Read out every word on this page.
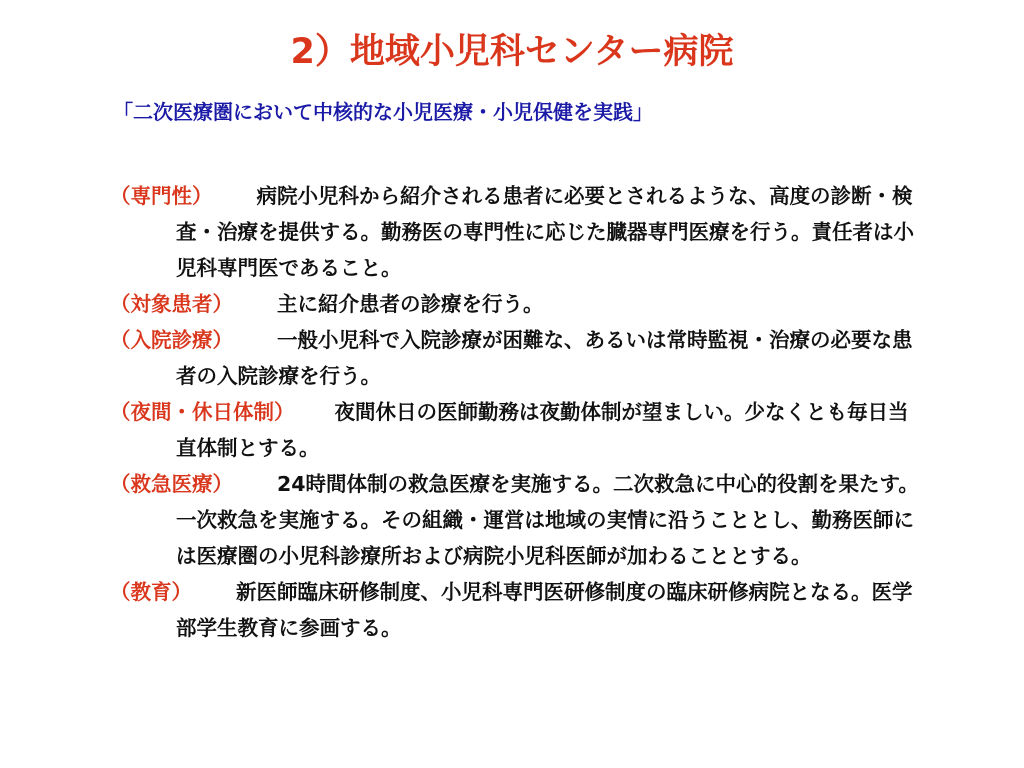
2）地域小児科センター病院
「二次医療圏において中核的な小児医療・小児保健を実践」
（専門性） 病院小児科から紹介される患者に必要とされるような、高度の診断・検査・治療を提供する。勤務医の専門性に応じた臓器専門医療を行う。責任者は小児科専門医であること。
（対象患者） 主に紹介患者の診療を行う。
（入院診療） 一般小児科で入院診療が困難な、あるいは常時監視・治療の必要な患者の入院診療を行う。
（夜間・休日体制） 夜間休日の医師勤務は夜勤体制が望ましい。少なくとも毎日当直体制とする。
（救急医療） 24時間体制の救急医療を実施する。二次救急に中心的役割を果たす。一次救急を実施する。その組織・運営は地域の実情に沿うこととし、勤務医師には医療圏の小児科診療所および病院小児科医師が加わることとする。
（教育） 新医師臨床研修制度、小児科専門医研修制度の臨床研修病院となる。医学部学生教育に参画する。
